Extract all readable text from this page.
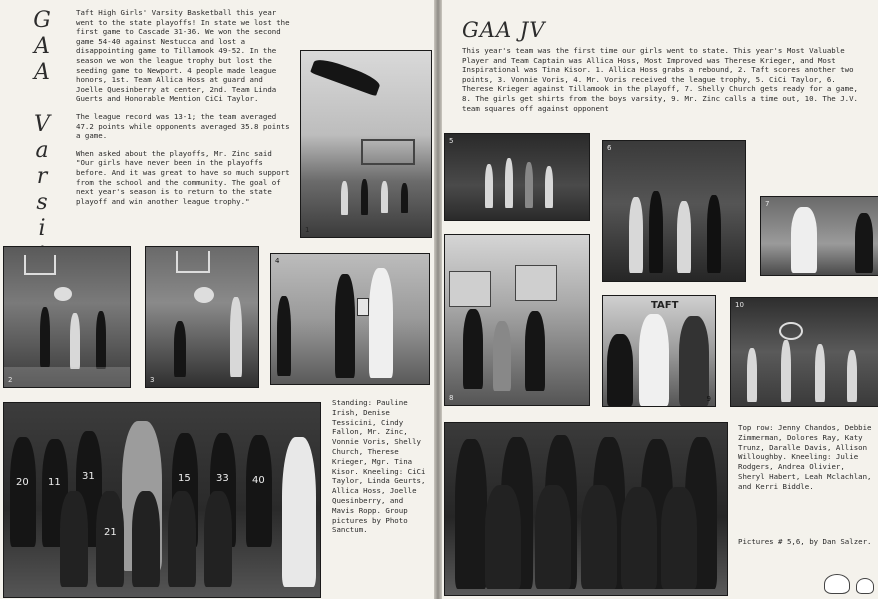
G
A
A
V
a
r
s
i

Taft High Girls' Varsity Basketball this year went to the state playoffs! In state we lost the first game to Cascade 31-36. We won the second game 54-40 against Nestucca and lost a disappointing game to Tillamook 49-52. In the season we won the league trophy but lost the seeding game to Newport. 4 people made league honors, 1st. Team Allica Hoss at guard and Joelle Quesinberry at center, 2nd. Team Linda Guerts and Honorable Mention CiCi Taylor.

The league record was 13-1; the team averaged 47.2 points while opponents averaged 35.8 points a game.

When asked about the playoffs, Mr. Zinc said "Our girls have never been in the playoffs before. And it was great to have so much support from the school and the community. The goal of next year's season is to return to the state playoff and win another league trophy."

1
2	3
4
20 11
31	15	33 40
21
Standing: Pauline Irish, Denise Tessicini, Cindy Fallon, Mr. Zinc, Vonnie Voris, Shelly Church, Therese Krieger, Mgr. Tina Kisor. Kneeling: CiCi Taylor, Linda Geurts, Allica Hoss, Joelle Quesinberry, and Mavis Ropp. Group pictures by Photo Sanctum.
GAA JV
This year's team was the first time our girls went to state. This year's Most Valuable Player and Team Captain was Allica Hoss, Most Improved was Therese Krieger, and Most Inspirational was Tina Kisor. 1. Allica Hoss grabs a rebound, 2. Taft scores another two points, 3. Vonnie Voris, 4. Mr. Voris received the league trophy, 5. CiCi Taylor, 6. Therese Krieger against Tillamook in the playoff, 7. Shelly Church gets ready for a game, 8. The girls get shirts from the boys varsity, 9. Mr. Zinc calls a time out, 10. The J.V. team squares off against opponent
5
6
7
8
TAFT
9
10
Top row: Jenny Chandos, Debbie Zimmerman, Dolores Ray, Katy Trunz, Daralle Davis, Allison Willoughby. Kneeling: Julie Rodgers, Andrea Olivier, Sheryl Habert, Leah Mclachlan, and Kerri Biddle.
Pictures # 5,6, by Dan Salzer.
